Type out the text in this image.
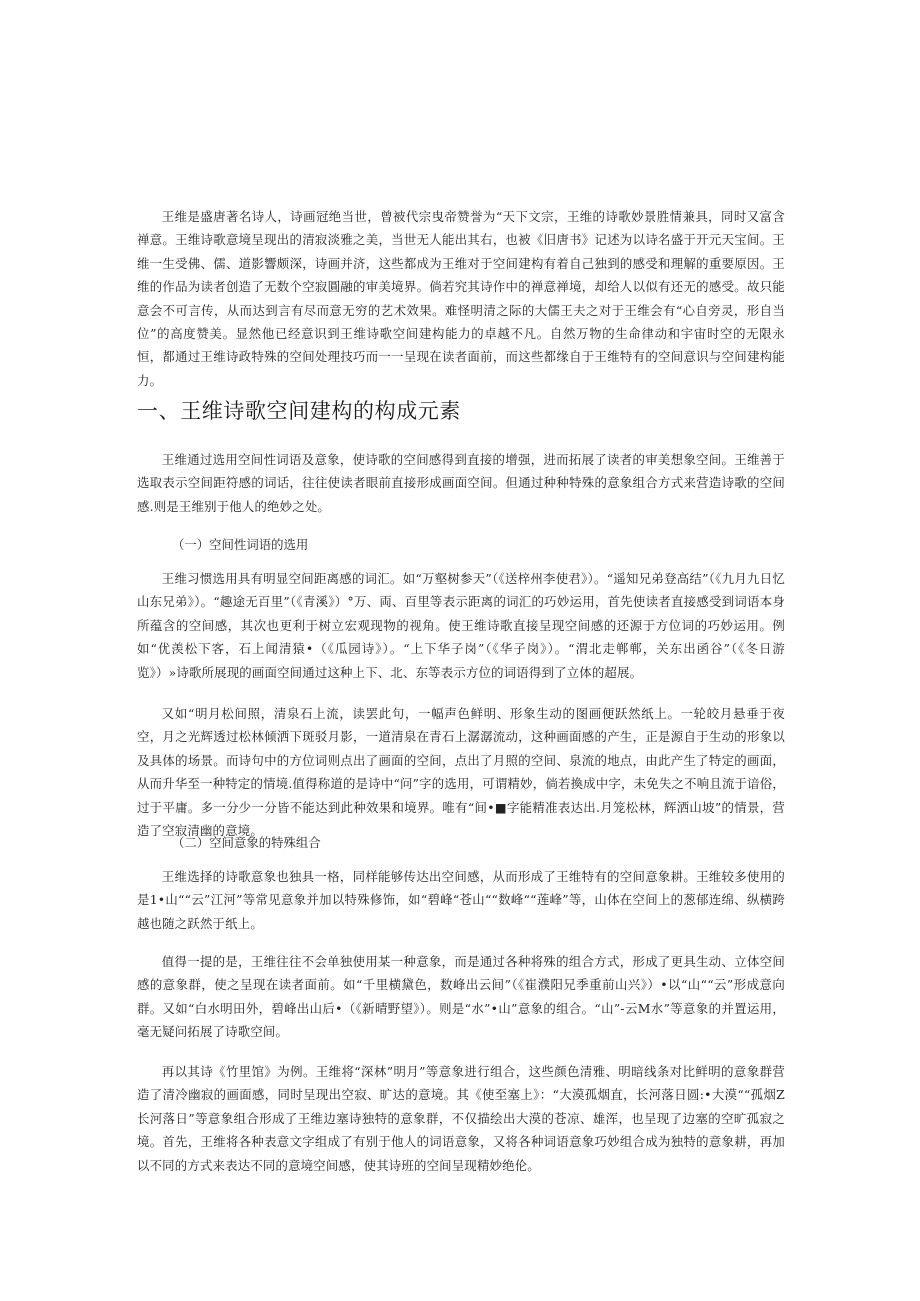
王维是盛唐著名诗人，诗画冠绝当世，曾被代宗曳帝赞誉为“天下文宗，王维的诗歌妙景胜情兼具，同时又富含禅意。王维诗歌意境呈现出的清寂淡雅之美，当世无人能出其右，也被《旧唐书》记述为以诗名盛于开元天宝间。王维一生受佛、儒、道影響颇深，诗画并济，这些都成为王维对于空间建构有着自己独到的感受和理解的重要原因。王维的作品为读者创造了无数个空寂圓融的审美境界。倘若究其诗作中的禅意禅境，却给人以似有还无的感受。故只能意会不可言传，从而达到言有尽而意无穷的艺术效果。难怪明清之际的大儒王夫之对于王维会有“心自旁灵，形自当位”的高度赞美。显然他已经意识到王维诗歌空间建构能力的卓越不凡。自然万物的生命律动和宇宙时空的无限永恒，都通过王维诗政特殊的空间处理技巧而一一呈现在读者面前，而这些都缘自于王维特有的空间意识与空间建构能力。

一、王维诗歌空间建构的构成元素

王维通过选用空间性词语及意象，使诗歌的空间感得到直接的增强，进而拓展了读者的审美想象空间。王维善于选取表示空间距符感的词话，往往使读者眼前直接形成画面空间。但通过种种特殊的意象组合方式来营造诗歌的空间感.则是王维别于他人的绝妙之处。

（一）空间性词语的选用

王维习惯选用具有明显空间距离感的词汇。如“万壑树参天”（《送梓州李使君》）。“遥知兄弟登高结”（《九月九日忆山东兄弟》）。“趣途无百里”（《青溪》）°万、両、百里等表示距离的词汇的巧妙运用，首先使读者直接感受到词语本身所蕴含的空间感，其次也更利于树立宏观现物的视角。使王维诗歌直接呈现空间感的还源于方位词的巧妙运用。例如“优羡松下客，石上闻清猿•（《瓜园诗》）。“上下华子岗”（《华子岗》）。“渭北走郸郸，关东出函谷”（《冬日游览》）»诗歌所展现的画面空间通过这种上下、北、东等表示方位的词语得到了立体的超展。

又如“明月松间照，清泉石上流，读罢此句，一幅声色鲜明、形象生动的图画便跃然纸上。一轮皎月悬垂于夜空，月之光辉透过松林倾洒下斑驳月影，一道清泉在青石上潺潺流动，这种画面感的产生，正是源自于生动的形象以及具体的场景。而诗句中的方位词则点出了画面的空间，点出了月照的空间、泉流的地点，由此产生了特定的画面，从而升华至一种特定的情境.值得称道的是诗中“问”字的选用，可谓精妙，倘若換成中字，未免失之不响且流于谙俗，过于平庸。多一分少一分皆不能达到此种效果和境界。唯有“间•■字能精准表达出.月笼松林，辉洒山坡”的情景，营造了空寂清幽的意境。

（二）空间意象的特殊组合

王维选择的诗歌意象也独具一格，同样能够传达出空间感，从而形成了王维特有的空间意象耕。王维较多使用的是1•山““云”江河”等常见意象并加以特殊修饰，如“碧峰“苍山““数峰““莲峰”等，山体在空间上的葱郁连绵、纵横跨越也随之跃然于纸上。

值得一提的是，王维往往不会单独使用某一种意象，而是通过各种将殊的组合方式，形成了更具生动、立体空间感的意象群，使之呈现在读者面前。如“千里横黛色，数峰出云间”（《崔濮阳兄季重前山兴》）•以“山““云”形成意向群。又如“白水明田外，碧峰出山后•（《新晴野望》）。则是“水”•山”意象的组合。“山”-云M水”等意象的并置运用，毫无疑问拓展了诗歌空间。

再以其诗《竹里馆》为例。王维将“深林”明月”等意象进行组合，这些颜色清雅、明暗线条对比鲜明的意象群营造了清冷幽寂的画面感，同时呈现出空寂、旷达的意境。其《使至塞上》：“大漠孤烟直，长河落日圆:•大漠““孤烟Z长河落日”等意象组合形成了王维边塞诗独特的意象群，不仅描绘出大漠的苍凉、雄浑，也呈现了边塞的空旷孤寂之境。首先，王维将各种表意文字组成了有别于他人的词语意象，又将各种词语意象巧妙组合成为独特的意象耕，再加以不同的方式来表达不同的意境空间感，使其诗班的空间呈现精妙绝伦。
